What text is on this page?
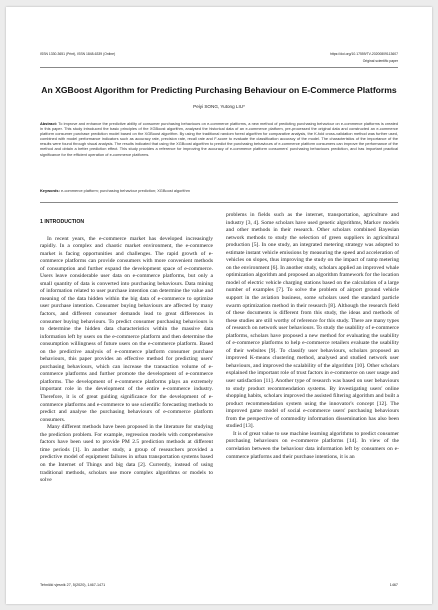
ISSN 1330-3651 (Print), ISSN 1848-6339 (Online)	https://doi.org/10.17559/TV-20200809113607
Original scientific paper
An XGBoost Algorithm for Predicting Purchasing Behaviour on E-Commerce Platforms
Peiyi SONG, Yutong LIU*
Abstract: To improve and enhance the predictive ability of consumer purchasing behaviours on e-commerce platforms, a new method of predicting purchasing behaviour on e-commerce platforms is created in this paper. This study introduced the basic principles of the XGBoost algorithm, analysed the historical data of an e-commerce platform, pre-processed the original data and constructed an e-commerce platform consumer purchase prediction model based on the XGBoost algorithm. By using the traditional random forest algorithm for comparative analysis, the K-fold cross-validation method was further used, combined with model performance indicators such as accuracy rate, precision rate, recall rate and F-score to evaluate the classification accuracy of the model. The characteristics of the importance of the results were found through visual analysis. The results indicated that using the XGBoost algorithm to predict the purchasing behaviours of e-commerce platform consumers can improve the performance of the method and obtain a better prediction effect. This study provides a reference for improving the accuracy of e-commerce platform consumers' purchasing behaviours prediction, and has important practical significance for the efficient operation of e-commerce platforms.
Keywords: e-commerce platform; purchasing behaviour prediction; XGBoost algorithm
1 INTRODUCTION

In recent years, the e-commerce market has developed increasingly rapidly. In a complex and chaotic market environment, the e-commerce market is facing opportunities and challenges. The rapid growth of e-commerce platforms can provide consumers with more convenient methods of consumption and further expand the development space of e-commerce. Users leave considerable user data on e-commerce platforms, but only a small quantity of data is converted into purchasing behaviours. Data mining of information related to user purchase intention can determine the value and meaning of the data hidden within the big data of e-commerce to optimize user purchase intention. Consumer buying behaviours are affected by many factors, and different consumer demands lead to great differences in consumer buying behaviours. To predict consumer purchasing behaviours is to determine the hidden data characteristics within the massive data information left by users on the e-commerce platform and then determine the consumption willingness of future users on the e-commerce platform. Based on the predictive analysis of e-commerce platform consumer purchase behaviours, this paper provides an effective method for predicting users' purchasing behaviours, which can increase the transaction volume of e-commerce platforms and further promote the development of e-commerce platforms. The development of e-commerce platforms plays an extremely important role in the development of the entire e-commerce industry. Therefore, it is of great guiding significance for the development of e-commerce platforms and e-commerce to use scientific forecasting methods to predict and analyse the purchasing behaviours of e-commerce platform consumers.

Many different methods have been proposed in the literature for studying the prediction problem. For example, regression models with comprehensive factors have been used to provide PM 2.5 prediction methods at different time periods [1]. In another study, a group of researchers provided a predictive model of equipment failures in urban transportation systems based on the Internet of Things and big data [2]. Currently, instead of using traditional methods, scholars use more complex algorithms or models to solve

problems in fields such as the internet, transportation, agriculture and industry [3, 4]. Some scholars have used genetic algorithms, Markov models and other methods in their research. Other scholars combined Bayesian network methods to study the selection of green suppliers in agricultural production [5]. In one study, an integrated metering strategy was adopted to estimate instant vehicle emissions by measuring the speed and acceleration of vehicles on slopes, thus improving the study on the impact of ramp metering on the environment [6]. In another study, scholars applied an improved whale optimization algorithm and proposed an algorithm framework for the location model of electric vehicle charging stations based on the calculation of a large number of examples [7]. To solve the problem of airport ground vehicle support in the aviation business, some scholars used the standard particle swarm optimization method in their research [8]. Although the research field of these documents is different from this study, the ideas and methods of these studies are still worthy of reference for this study. There are many types of research on network user behaviours. To study the usability of e-commerce platforms, scholars have proposed a new method for evaluating the usability of e-commerce platforms to help e-commerce retailers evaluate the usability of their websites [9]. To classify user behaviours, scholars proposed an improved K-means clustering method, analysed and studied network user behaviours, and improved the scalability of the algorithm [10]. Other scholars explained the important role of trust factors in e-commerce on user usage and user satisfaction [11]. Another type of research was based on user behaviours to study product recommendation systems. By investigating users' online shopping habits, scholars improved the assisted filtering algorithm and built a product recommendation system using the innovator's concept [12]. The improved game model of social e-commerce users' purchasing behaviours from the perspective of commodity information dissemination has also been studied [13].

It is of great value to use machine learning algorithms to predict consumer purchasing behaviours on e-commerce platforms [14]. In view of the correlation between the behaviour data information left by consumers on e-commerce platforms and their purchase intentions, it is an

Tehnički vjesnik 27, 5(2020), 1467-1471	1467
